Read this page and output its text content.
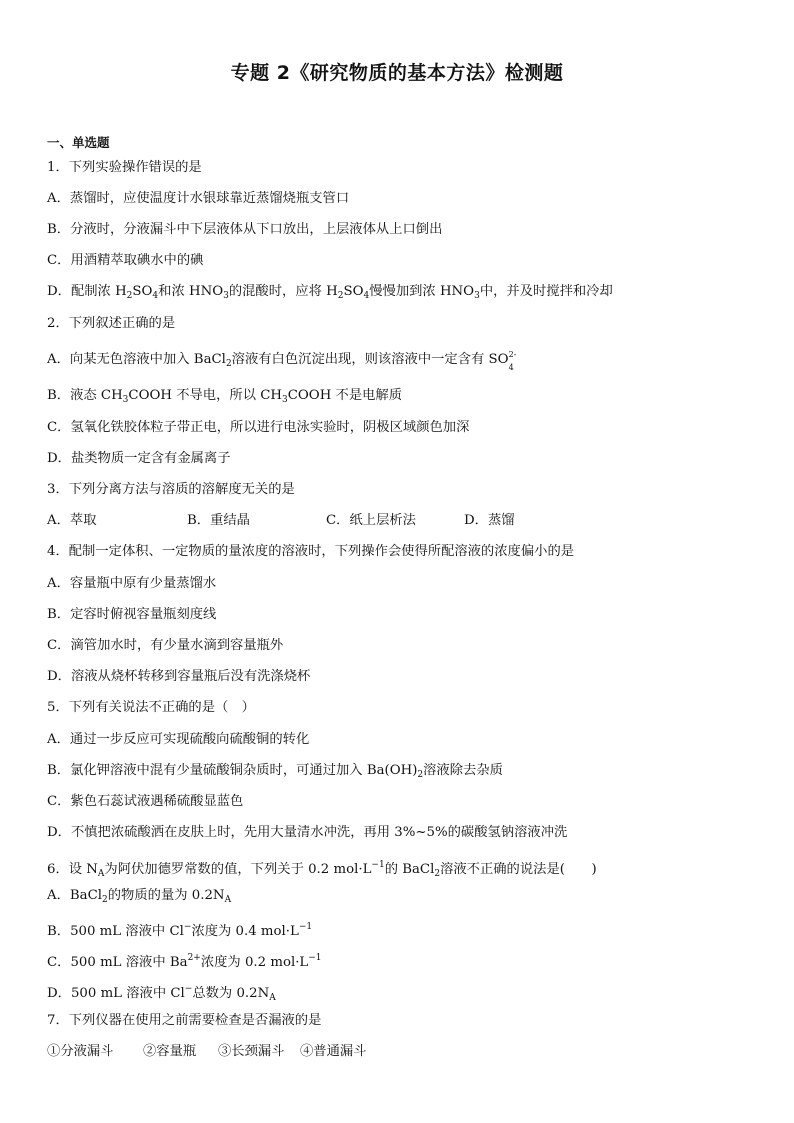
专题 2《研究物质的基本方法》检测题
一、单选题
1．下列实验操作错误的是
A．蒸馏时，应使温度计水银球靠近蒸馏烧瓶支管口
B．分液时，分液漏斗中下层液体从下口放出，上层液体从上口倒出
C．用酒精萃取碘水中的碘
D．配制浓 $H_2SO_4$和浓 $HNO_3$的混酸时，应将 $H_2SO_4$慢慢加到浓 $HNO_3$中，并及时搅拌和冷却
2．下列叙述正确的是
A．向某无色溶液中加入 BaCl$_2$溶液有白色沉淀出现，则该溶液中一定含有 SO 2-
4
B．液态 $CH_3COOH$ 不导电，所以 $CH_3COOH$ 不是电解质
C．氢氧化铁胶体粒子带正电，所以进行电泳实验时，阴极区域颜色加深
D．盐类物质一定含有金属离子
3．下列分离方法与溶质的溶解度无关的是
A．萃取	B．重结晶	C．纸上层析法	D．蒸馏
4．配制一定体积、一定物质的量浓度的溶液时，下列操作会使得所配溶液的浓度偏小的是
A．容量瓶中原有少量蒸馏水
B．定容时俯视容量瓶刻度线
C．滴管加水时，有少量水滴到容量瓶外
D．溶液从烧杯转移到容量瓶后没有洗涤烧杯
5．下列有关说法不正确的是（　）
A．通过一步反应可实现硫酸向硫酸铜的转化
B．氯化钾溶液中混有少量硫酸铜杂质时，可通过加入 $Ba(OH)_2$溶液除去杂质
C．紫色石蕊试液遇稀硫酸显蓝色
D．不慎把浓硫酸洒在皮肤上时，先用大量清水冲洗，再用 3%~5%的碳酸氢钠溶液冲洗
6．设 $N_A$为阿伏加德罗常数的值，下列关于 0.2 $mol\cdot L^{-1}$的 BaCl$_2$溶液不正确的说法是(　　)
A．BaCl$_2$的物质的量为 $0.2N_A$
B．500 mL 溶液中 Cl−浓度为 0.4 $mol\cdot L^{-1}$
C．500 mL 溶液中 $Ba^{2+}$浓度为 0.2 $mol\cdot L^{-1}$
D．500 mL 溶液中 Cl−总数为 $0.2N_A$
7．下列仪器在使用之前需要检查是否漏液的是
①分液漏斗 ②容量瓶 ③长颈漏斗 ④普通漏斗
